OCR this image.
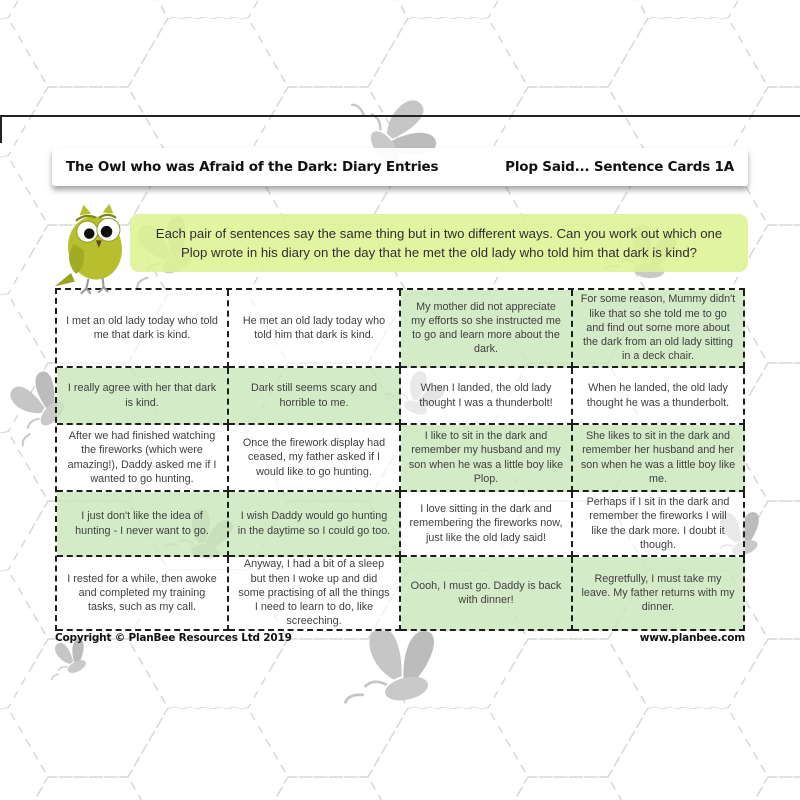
The Owl who was Afraid of the Dark: Diary Entries	Plop Said... Sentence Cards 1A

Each pair of sentences say the same thing but in two different ways. Can you work out which one Plop wrote in his diary on the day that he met the old lady who told him that dark is kind?

I met an old lady today who told me that dark is kind.
He met an old lady today who told him that dark is kind.
My mother did not appreciate my efforts so she instructed me to go and learn more about the dark.
For some reason, Mummy didn't like that so she told me to go and find out some more about the dark from an old lady sitting in a deck chair.
I really agree with her that dark is kind.
Dark still seems scary and horrible to me.
When I landed, the old lady thought I was a thunderbolt!
When he landed, the old lady thought he was a thunderbolt.
After we had finished watching the fireworks (which were amazing!), Daddy asked me if I wanted to go hunting.
Once the firework display had ceased, my father asked if I would like to go hunting.
I like to sit in the dark and remember my husband and my son when he was a little boy like Plop.
She likes to sit in the dark and remember her husband and her son when he was a little boy like me.
I just don't like the idea of hunting - I never want to go.
I wish Daddy would go hunting in the daytime so I could go too.
I love sitting in the dark and remembering the fireworks now, just like the old lady said!
Perhaps if I sit in the dark and remember the fireworks I will like the dark more. I doubt it though.
I rested for a while, then awoke and completed my training tasks, such as my call.
Anyway, I had a bit of a sleep but then I woke up and did some practising of all the things I need to learn to do, like screeching.
Oooh, I must go. Daddy is back with dinner!
Regretfully, I must take my leave. My father returns with my dinner.
Copyright © PlanBee Resources Ltd 2019	www.planbee.com
